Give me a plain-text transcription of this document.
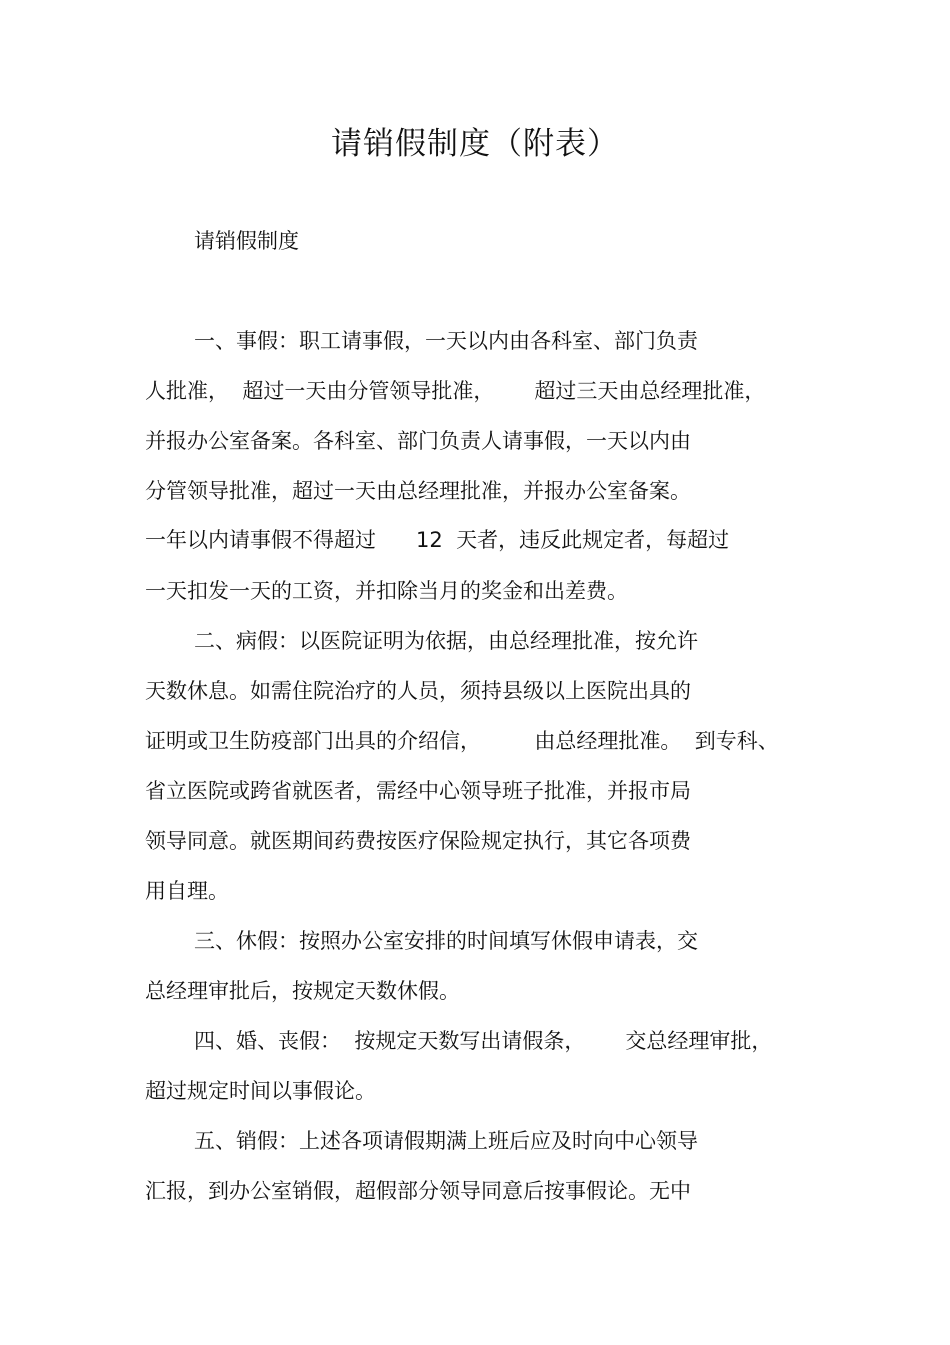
请销假制度（附表）
请销假制度
一、事假：职工请事假，一天以内由各科室、部门负责
人批准，  超过一天由分管领导批准，      超过三天由总经理批准，
并报办公室备案。各科室、部门负责人请事假，一天以内由
分管领导批准，超过一天由总经理批准，并报办公室备案。
一年以内请事假不得超过      12  天者，违反此规定者，每超过
一天扣发一天的工资，并扣除当月的奖金和出差费。
二、病假：以医院证明为依据，由总经理批准，按允许
天数休息。如需住院治疗的人员，须持县级以上医院出具的
证明或卫生防疫部门出具的介绍信，        由总经理批准。  到专科、
省立医院或跨省就医者，需经中心领导班子批准，并报市局
领导同意。就医期间药费按医疗保险规定执行，其它各项费
用自理。
三、休假：按照办公室安排的时间填写休假申请表，交
总经理审批后，按规定天数休假。
四、婚、丧假：  按规定天数写出请假条，      交总经理审批，
超过规定时间以事假论。
五、销假：上述各项请假期满上班后应及时向中心领导
汇报，到办公室销假，超假部分领导同意后按事假论。无中
